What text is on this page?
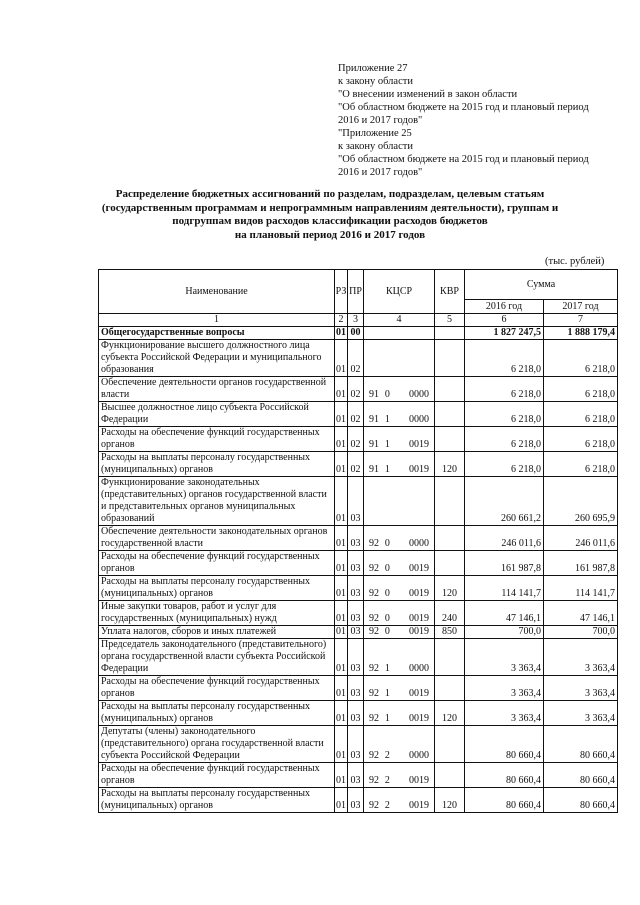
Приложение 27
к закону области
"О внесении изменений в закон области
"Об областном бюджете на 2015 год и плановый период
2016 и 2017 годов"
"Приложение 25
к закону области
"Об областном бюджете на 2015 год и плановый период
2016 и 2017 годов"
Распределение бюджетных ассигнований по разделам, подразделам, целевым статьям
(государственным программам и непрограммным направлениям деятельности), группам и
подгруппам видов расходов классификации расходов бюджетов
на плановый период 2016 и 2017 годов
(тыс. рублей)
Наименование	РЗ	ПР	КЦСР	КВР	Сумма	
					2016 год	2017 год
1	2	3	4	5	6	7
Общегосударственные вопросы	01	00			1 827 247,5	1 888 179,4
Функционирование высшего должностного лица субъекта Российской Федерации и муниципального образования	01	02			6 218,0	6 218,0
Обеспечение деятельности органов государственной власти	01	02	91 0 0000		6 218,0	6 218,0
Высшее должностное лицо субъекта Российской Федерации	01	02	91 1 0000		6 218,0	6 218,0
Расходы на обеспечение функций государственных органов	01	02	91 1 0019		6 218,0	6 218,0
Расходы на выплаты персоналу государственных (муниципальных) органов	01	02	91 1 0019	120	6 218,0	6 218,0
Функционирование законодательных (представительных) органов государственной власти и представительных органов муниципальных образований	01	03			260 661,2	260 695,9
Обеспечение деятельности законодательных органов государственной власти	01	03	92 0 0000		246 011,6	246 011,6
Расходы на обеспечение функций государственных органов	01	03	92 0 0019		161 987,8	161 987,8
Расходы на выплаты персоналу государственных (муниципальных) органов	01	03	92 0 0019	120	114 141,7	114 141,7
Иные закупки товаров, работ и услуг для государственных (муниципальных) нужд	01	03	92 0 0019	240	47 146,1	47 146,1
Уплата налогов, сборов и иных платежей	01	03	92 0 0019	850	700,0	700,0
Председатель законодательного (представительного) органа государственной власти субъекта Российской Федерации	01	03	92 1 0000		3 363,4	3 363,4
Расходы на обеспечение функций государственных органов	01	03	92 1 0019		3 363,4	3 363,4
Расходы на выплаты персоналу государственных (муниципальных) органов	01	03	92 1 0019	120	3 363,4	3 363,4
Депутаты (члены) законодательного (представительного) органа государственной власти субъекта Российской Федерации	01	03	92 2 0000		80 660,4	80 660,4
Расходы на обеспечение функций государственных органов	01	03	92 2 0019		80 660,4	80 660,4
Расходы на выплаты персоналу государственных (муниципальных) органов	01	03	92 2 0019	120	80 660,4	80 660,4
